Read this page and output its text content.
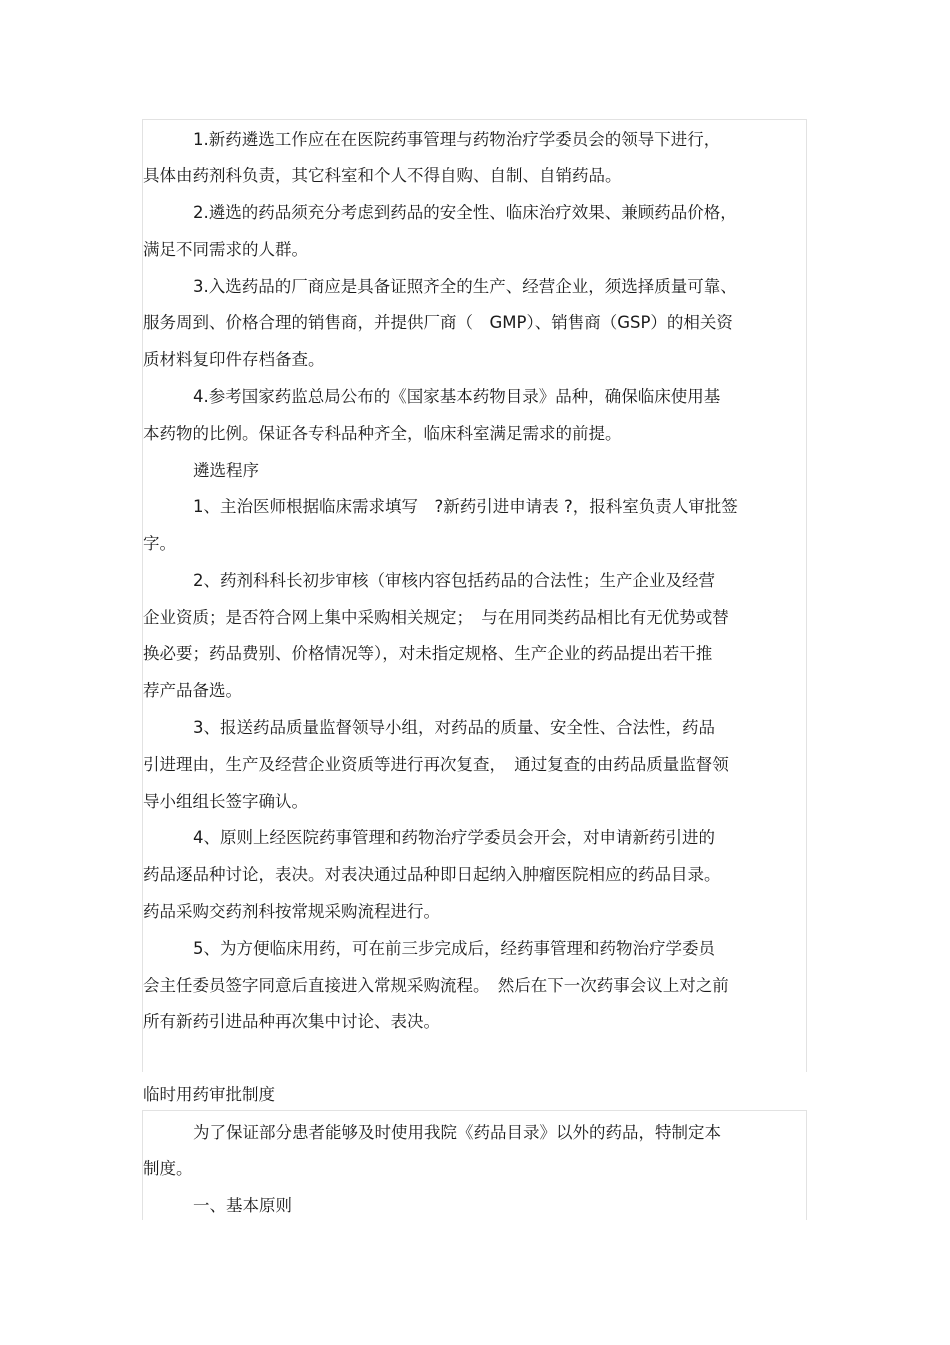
1.新药遴选工作应在在医院药事管理与药物治疗学委员会的领导下进行，
具体由药剂科负责，其它科室和个人不得自购、自制、自销药品。
2.遴选的药品须充分考虑到药品的安全性、临床治疗效果、兼顾药品价格，
满足不同需求的人群。
3.入选药品的厂商应是具备证照齐全的生产、经营企业，须选择质量可靠、
服务周到、价格合理的销售商，并提供厂商（　GMP）、销售商（GSP）的相关资
质材料复印件存档备查。
4.参考国家药监总局公布的《国家基本药物目录》品种，确保临床使用基
本药物的比例。保证各专科品种齐全，临床科室满足需求的前提。
遴选程序
1、主治医师根据临床需求填写　?新药引进申请表 ?，报科室负责人审批签
字。
2、药剂科科长初步审核（审核内容包括药品的合法性；生产企业及经营
企业资质；是否符合网上集中采购相关规定；　与在用同类药品相比有无优势或替
换必要；药品费别、价格情况等），对未指定规格、生产企业的药品提出若干推
荐产品备选。
3、报送药品质量监督领导小组，对药品的质量、安全性、合法性，药品
引进理由，生产及经营企业资质等进行再次复查，　通过复查的由药品质量监督领
导小组组长签字确认。
4、原则上经医院药事管理和药物治疗学委员会开会，对申请新药引进的
药品逐品种讨论，表决。对表决通过品种即日起纳入肿瘤医院相应的药品目录。
药品采购交药剂科按常规采购流程进行。
5、为方便临床用药，可在前三步完成后，经药事管理和药物治疗学委员
会主任委员签字同意后直接进入常规采购流程。　然后在下一次药事会议上对之前
所有新药引进品种再次集中讨论、表决。
临时用药审批制度
为了保证部分患者能够及时使用我院《药品目录》以外的药品，特制定本
制度。
一、基本原则
